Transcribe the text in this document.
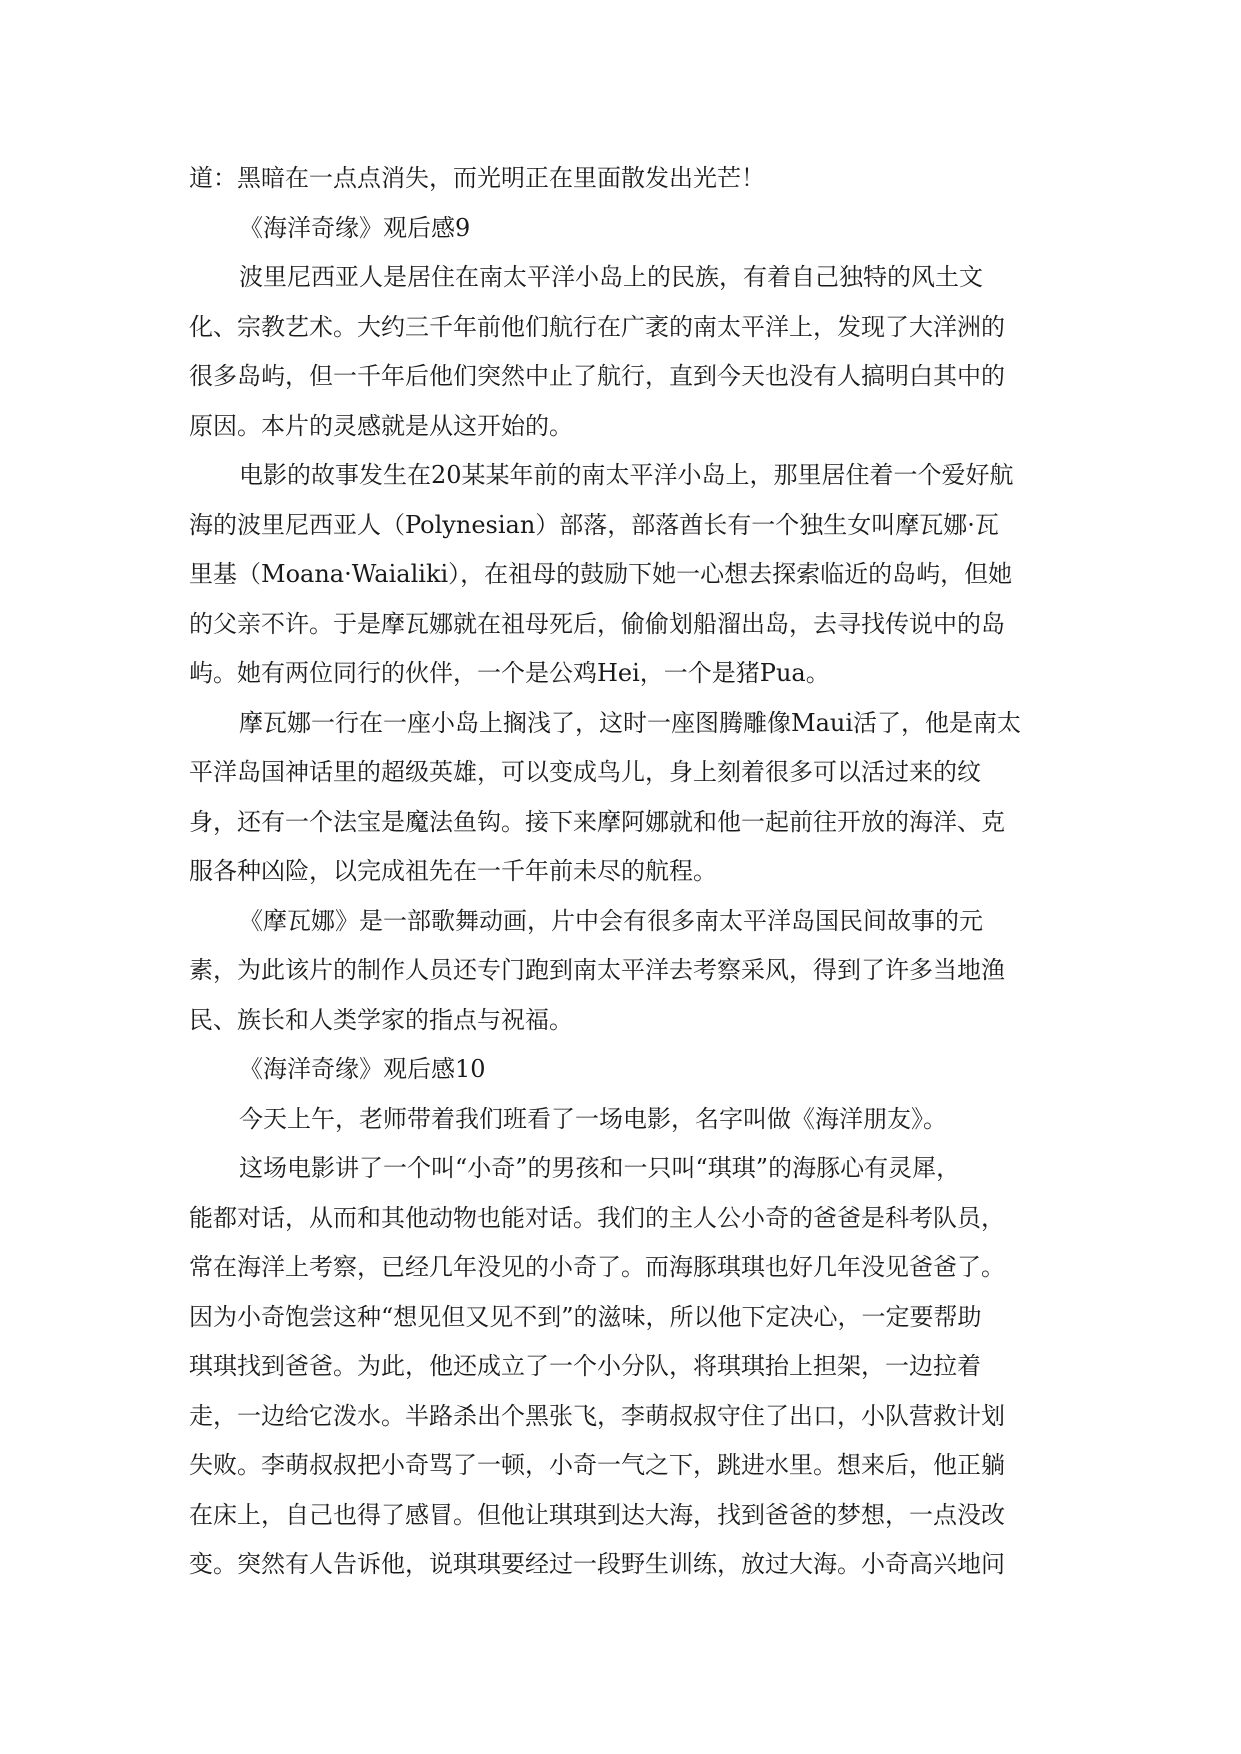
道：黑暗在一点点消失，而光明正在里面散发出光芒！
《海洋奇缘》观后感9
波里尼西亚人是居住在南太平洋小岛上的民族，有着自己独特的风土文
化、宗教艺术。大约三千年前他们航行在广袤的南太平洋上，发现了大洋洲的
很多岛屿，但一千年后他们突然中止了航行，直到今天也没有人搞明白其中的
原因。本片的灵感就是从这开始的。
电影的故事发生在20某某年前的南太平洋小岛上，那里居住着一个爱好航
海的波里尼西亚人（Polynesian）部落，部落酋长有一个独生女叫摩瓦娜·瓦
里基（Moana·Waialiki），在祖母的鼓励下她一心想去探索临近的岛屿，但她
的父亲不许。于是摩瓦娜就在祖母死后，偷偷划船溜出岛，去寻找传说中的岛
屿。她有两位同行的伙伴，一个是公鸡Hei，一个是猪Pua。
摩瓦娜一行在一座小岛上搁浅了，这时一座图腾雕像Maui活了，他是南太
平洋岛国神话里的超级英雄，可以变成鸟儿，身上刻着很多可以活过来的纹
身，还有一个法宝是魔法鱼钩。接下来摩阿娜就和他一起前往开放的海洋、克
服各种凶险，以完成祖先在一千年前未尽的航程。
《摩瓦娜》是一部歌舞动画，片中会有很多南太平洋岛国民间故事的元
素，为此该片的制作人员还专门跑到南太平洋去考察采风，得到了许多当地渔
民、族长和人类学家的指点与祝福。
《海洋奇缘》观后感10
今天上午，老师带着我们班看了一场电影，名字叫做《海洋朋友》。
这场电影讲了一个叫“小奇”的男孩和一只叫“琪琪”的海豚心有灵犀，
能都对话，从而和其他动物也能对话。我们的主人公小奇的爸爸是科考队员，
常在海洋上考察，已经几年没见的小奇了。而海豚琪琪也好几年没见爸爸了。
因为小奇饱尝这种“想见但又见不到”的滋味，所以他下定决心，一定要帮助
琪琪找到爸爸。为此，他还成立了一个小分队，将琪琪抬上担架，一边拉着
走，一边给它泼水。半路杀出个黑张飞，李萌叔叔守住了出口，小队营救计划
失败。李萌叔叔把小奇骂了一顿，小奇一气之下，跳进水里。想来后，他正躺
在床上，自己也得了感冒。但他让琪琪到达大海，找到爸爸的梦想，一点没改
变。突然有人告诉他，说琪琪要经过一段野生训练，放过大海。小奇高兴地问
